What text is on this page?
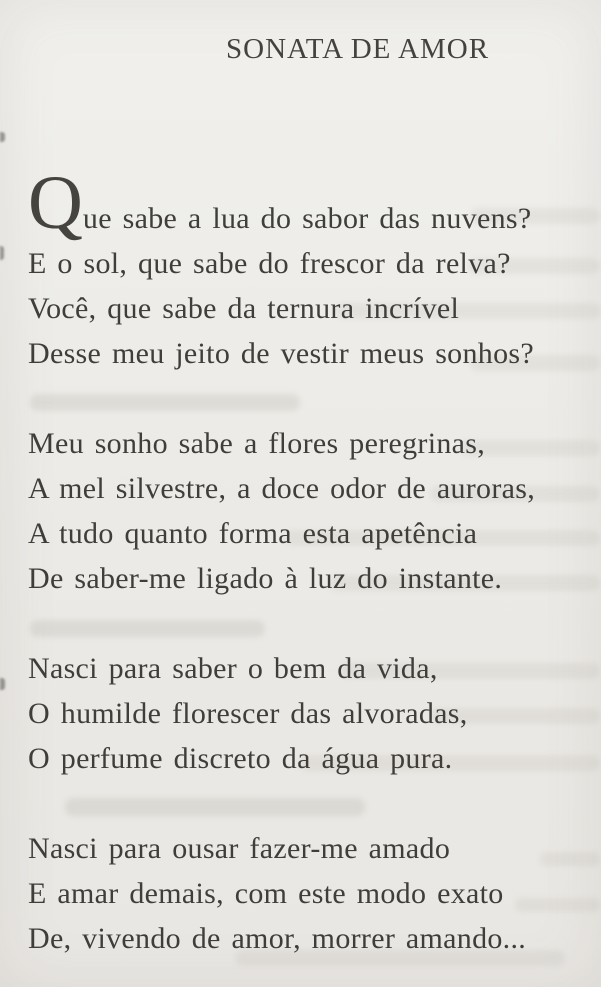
SONATA DE AMOR
Que sabe a lua do sabor das nuvens?
E o sol, que sabe do frescor da relva?
Você, que sabe da ternura incrível
Desse meu jeito de vestir meus sonhos?
Meu sonho sabe a flores peregrinas,
A mel silvestre, a doce odor de auroras,
A tudo quanto forma esta apetência
De saber-me ligado à luz do instante.
Nasci para saber o bem da vida,
O humilde florescer das alvoradas,
O perfume discreto da água pura.
Nasci para ousar fazer-me amado
E amar demais, com este modo exato
De, vivendo de amor, morrer amando...
